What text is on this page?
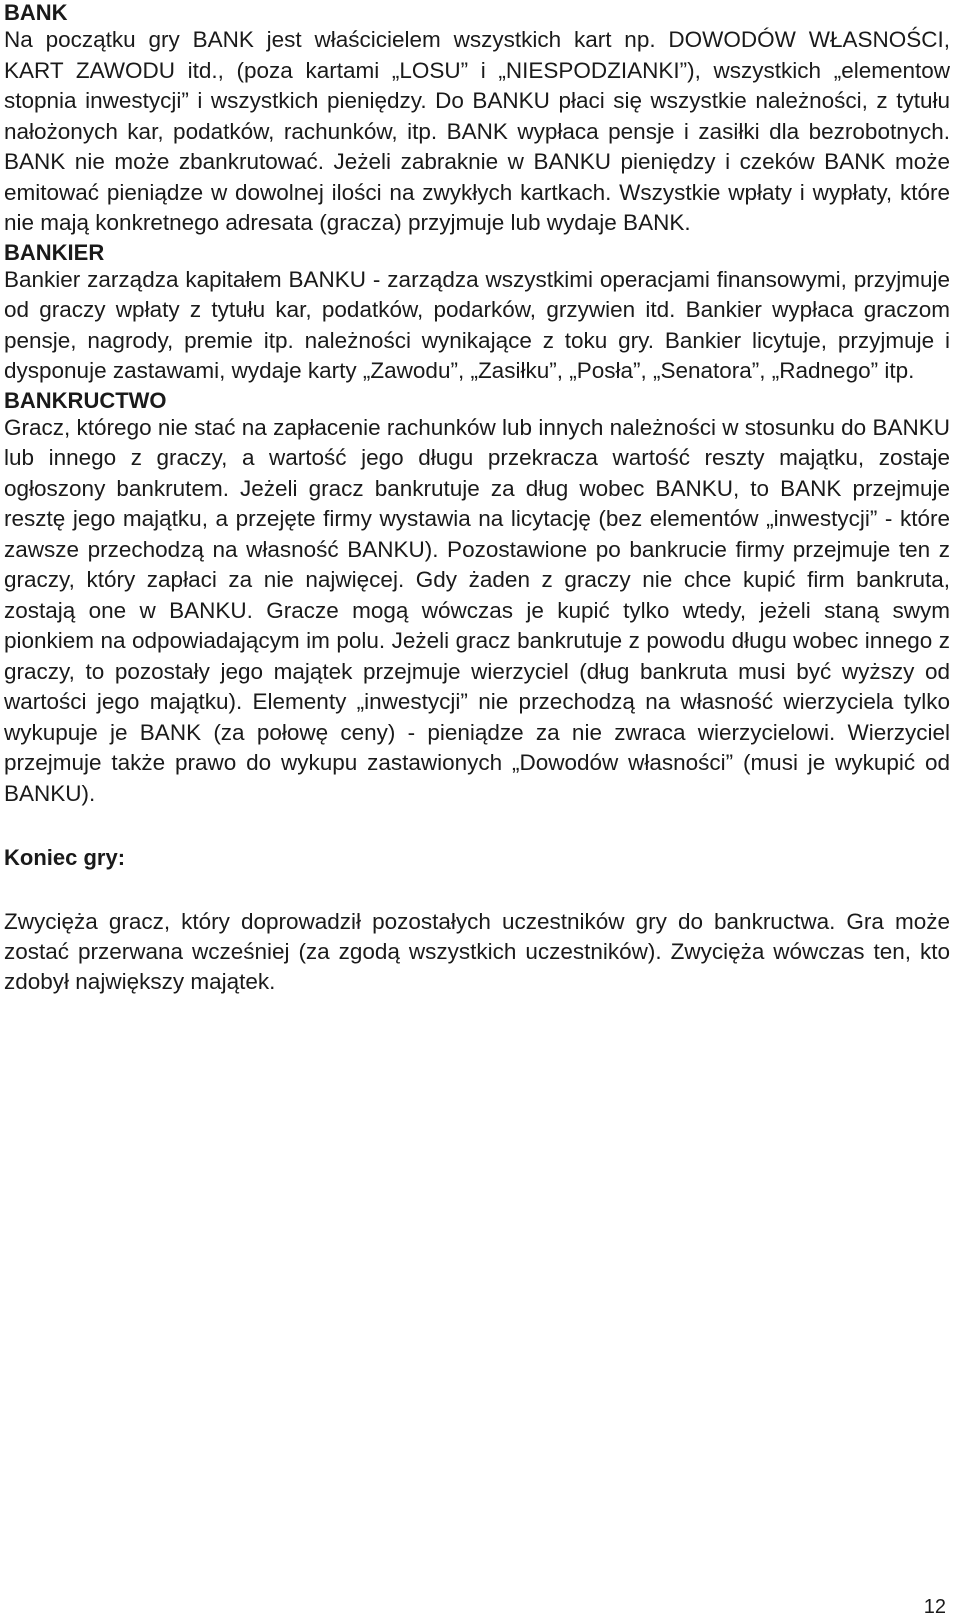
BANK

Na początku gry BANK jest właścicielem wszystkich kart np. DOWODÓW WŁASNOŚCI, KART ZAWODU itd., (poza kartami „LOSU” i „NIESPODZIANKI”), wszystkich „elementow stopnia inwestycji” i wszystkich pieniędzy. Do BANKU płaci się wszystkie należności, z tytułu nałożonych kar, podatków, rachunków, itp. BANK wypłaca pensje i zasiłki dla bezrobotnych. BANK nie może zbankrutować. Jeżeli zabraknie w BANKU pieniędzy i czeków BANK może emitować pieniądze w dowolnej ilości na zwykłych kartkach. Wszystkie wpłaty i wypłaty, które nie mają konkretnego adresata (gracza) przyjmuje lub wydaje BANK.

BANKIER

Bankier zarządza kapitałem BANKU - zarządza wszystkimi operacjami finansowymi, przyjmuje od graczy wpłaty z tytułu kar, podatków, podarków, grzywien itd. Bankier wypłaca graczom pensje, nagrody, premie itp. należności wynikające z toku gry. Bankier licytuje, przyjmuje i dysponuje zastawami, wydaje karty „Zawodu”, „Zasiłku”, „Posła”, „Senatora”, „Radnego” itp.

BANKRUCTWO

Gracz, którego nie stać na zapłacenie rachunków lub innych należności w stosunku do BANKU lub innego z graczy, a wartość jego długu przekracza wartość reszty majątku, zostaje ogłoszony bankrutem. Jeżeli gracz bankrutuje za dług wobec BANKU, to BANK przejmuje resztę jego majątku, a przejęte firmy wystawia na licytację (bez elementów „inwestycji” - które zawsze przechodzą na własność BANKU). Pozostawione po bankrucie firmy przejmuje ten z graczy, który zapłaci za nie najwięcej. Gdy żaden z graczy nie chce kupić firm bankruta, zostają one w BANKU. Gracze mogą wówczas je kupić tylko wtedy, jeżeli staną swym pionkiem na odpowiadającym im polu. Jeżeli gracz bankrutuje z powodu długu wobec innego z graczy, to pozostały jego majątek przejmuje wierzyciel (dług bankruta musi być wyższy od wartości jego majątku). Elementy „inwestycji” nie przechodzą na własność wierzyciela tylko wykupuje je BANK (za połowę ceny) - pieniądze za nie zwraca wierzycielowi. Wierzyciel przejmuje także prawo do wykupu zastawionych „Dowodów własności” (musi je wykupić od BANKU).

Koniec gry:

Zwycięża gracz, który doprowadził pozostałych uczestników gry do bankructwa. Gra może zostać przerwana wcześniej (za zgodą wszystkich uczestników). Zwycięża wówczas ten, kto zdobył największy majątek.

12
